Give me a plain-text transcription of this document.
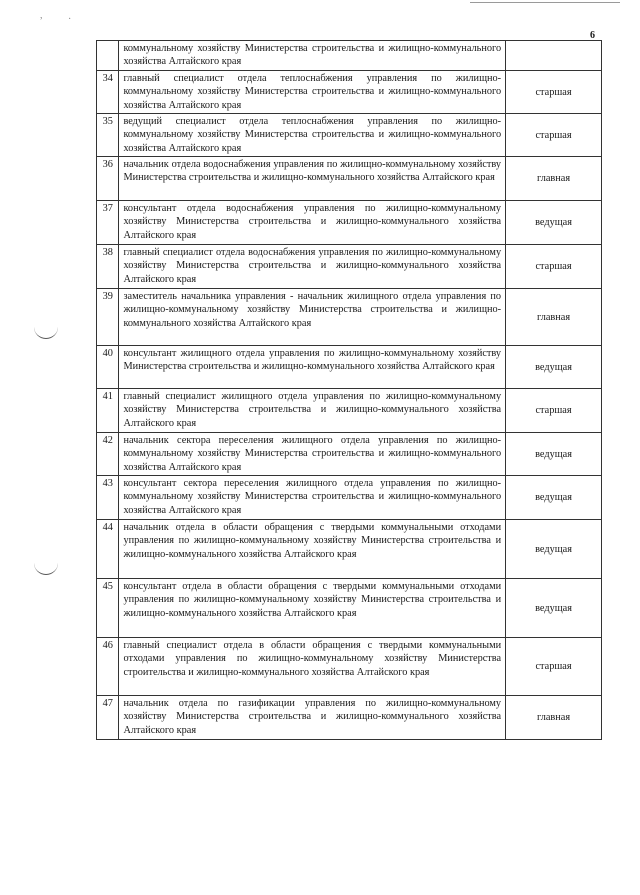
,	·
6
	коммунальному хозяйству Министерства строительства и жилищно-коммунального хозяйства Алтайского края	
34	главный специалист отдела теплоснабжения управления по жилищно-коммунальному хозяйству Министерства строительства и жилищно-коммунального хозяйства Алтайского края	старшая
35	ведущий специалист отдела теплоснабжения управления по жилищно-коммунальному хозяйству Министерства строительства и жилищно-коммунального хозяйства Алтайского края	старшая
36	начальник отдела водоснабжения управления по жилищно-коммунальному хозяйству Министерства строительства и жилищно-коммунального хозяйства Алтайского края	главная
37	консультант отдела водоснабжения управления по жилищно-коммунальному хозяйству Министерства строительства и жилищно-коммунального хозяйства Алтайского края	ведущая
38	главный специалист отдела водоснабжения управления по жилищно-коммунальному хозяйству Министерства строительства и жилищно-коммунального хозяйства Алтайского края	старшая
39	заместитель начальника управления - начальник жилищного отдела управления по жилищно-коммунальному хозяйству Министерства строительства и жилищно-коммунального хозяйства Алтайского края	главная
40	консультант жилищного отдела управления по жилищно-коммунальному хозяйству Министерства строительства и жилищно-коммунального хозяйства Алтайского края	ведущая
41	главный специалист жилищного отдела управления по жилищно-коммунальному хозяйству Министерства строительства и жилищно-коммунального хозяйства Алтайского края	старшая
42	начальник сектора переселения жилищного отдела управления по жилищно-коммунальному хозяйству Министерства строительства и жилищно-коммунального хозяйства Алтайского края	ведущая
43	консультант сектора переселения жилищного отдела управления по жилищно-коммунальному хозяйству Министерства строительства и жилищно-коммунального хозяйства Алтайского края	ведущая
44	начальник отдела в области обращения с твердыми коммунальными отходами управления по жилищно-коммунальному хозяйству Министерства строительства и жилищно-коммунального хозяйства Алтайского края	ведущая
45	консультант отдела в области обращения с твердыми коммунальными отходами управления по жилищно-коммунальному хозяйству Министерства строительства и жилищно-коммунального хозяйства Алтайского края	ведущая
46	главный специалист отдела в области обращения с твердыми коммунальными отходами управления по жилищно-коммунальному хозяйству Министерства строительства и жилищно-коммунального хозяйства Алтайского края	старшая
47	начальник отдела по газификации управления по жилищно-коммунальному хозяйству Министерства строительства и жилищно-коммунального хозяйства Алтайского края	главная
